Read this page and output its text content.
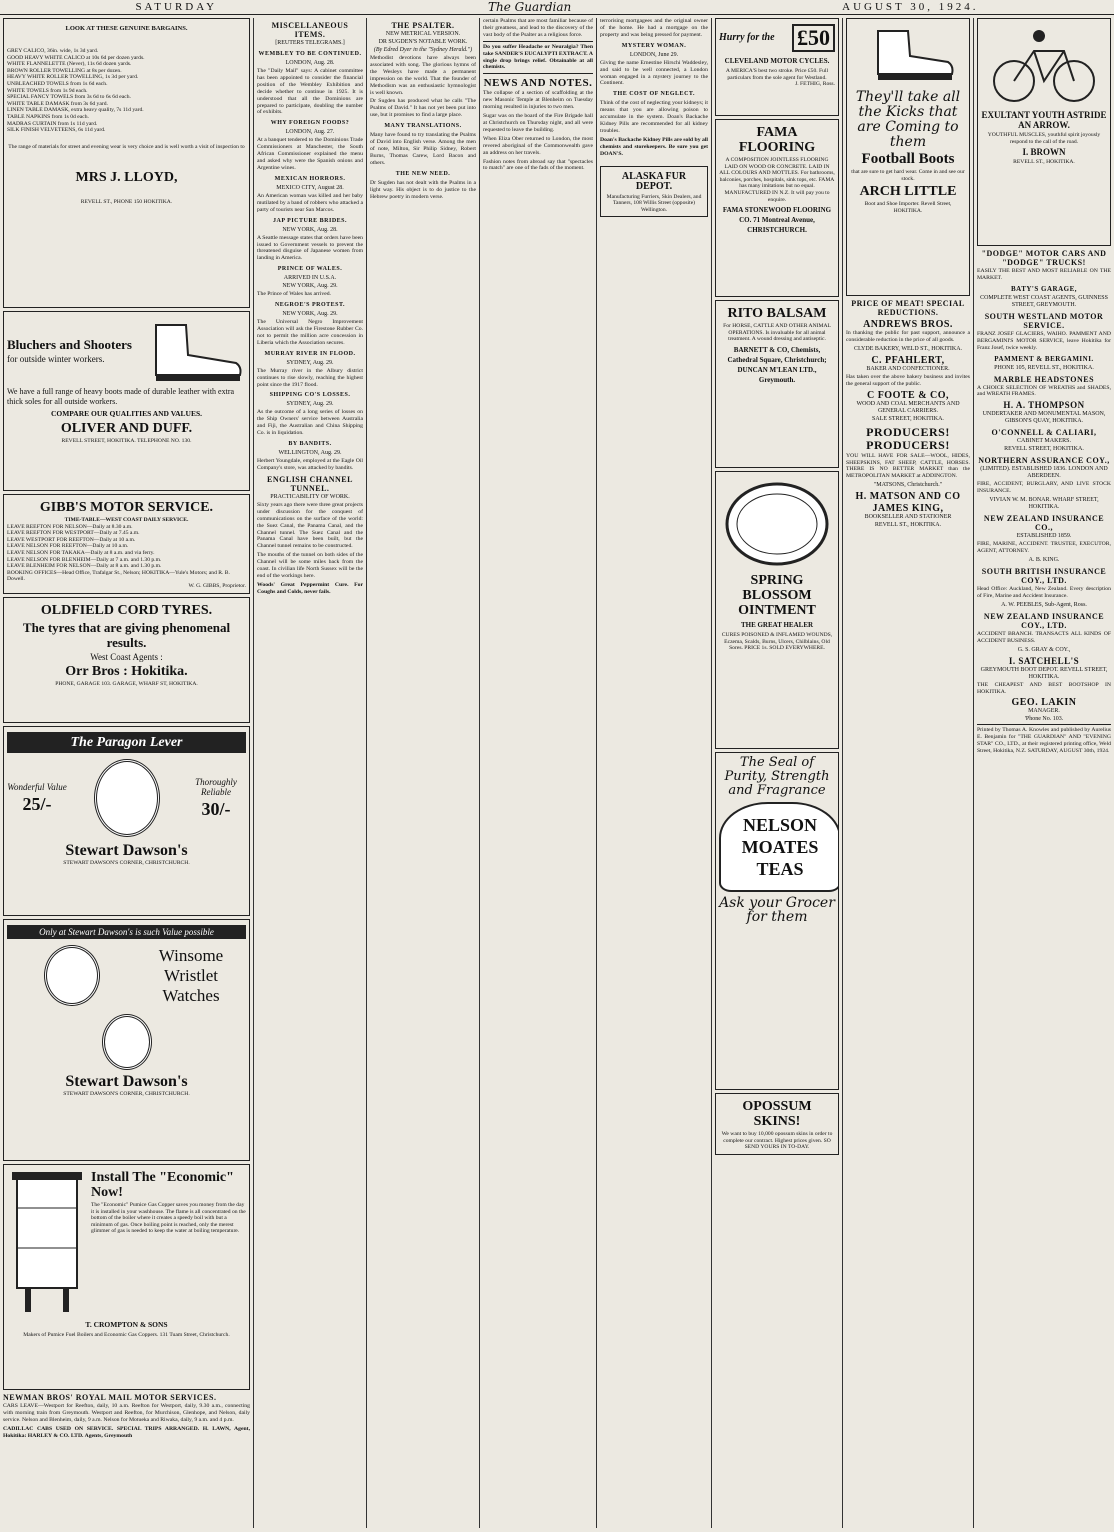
SATURDAY	The Guardian	AUGUST 30, 1924.
LOOK AT THESE GENUINE BARGAINS.
GREY CALICO, 36in. wide, 1s 3d yard.
GOOD HEAVY WHITE CALICO at 10s 6d per dozen yards.
WHITE FLANNELETTE (Never), 11s 6d dozen yards.
BROWN ROLLER TOWELLING at 8s per dozen.
HEAVY WHITE ROLLER TOWELLING, 1s 3d per yard.
UNBLEACHED TOWELS from 1s 6d each.
WHITE TOWELS from 1s 9d each.
SPECIAL FANCY TOWELS from 3s 6d to 6s 6d each.
WHITE TABLE DAMASK from 3s 6d yard.
LINEN TABLE DAMASK, extra heavy quality, 7s 11d yard.
TABLE NAPKINS from 1s 0d each.
MADRAS CURTAIN from 1s 11d yard.
SILK FINISH VELVETEENS, 6s 11d yard.
The range of materials for street and evening wear is very choice and is well worth a visit of inspection to
MRS J. LLOYD,
REVELL ST., PHONE 150 HOKITIKA.
Bluchers and Shooters
for outside winter workers.
We have a full range of heavy boots made of durable leather with extra thick soles for all outside workers.
COMPARE OUR QUALITIES AND VALUES.
OLIVER AND DUFF.
REVELL STREET, HOKITIKA. TELEPHONE NO. 130.
GIBB'S MOTOR SERVICE.
TIME-TABLE—WEST COAST DAILY SERVICE.
LEAVE REEFTON FOR NELSON—Daily at 8.30 a.m.
LEAVE REEFTON FOR WESTPORT—Daily at 7.45 a.m.
LEAVE WESTPORT FOR REEFTON—Daily at 10 a.m.
LEAVE NELSON FOR REEFTON—Daily at 10 a.m.
LEAVE NELSON FOR TAKAKA—Daily at 8 a.m. and via ferry.
LEAVE NELSON FOR BLENHEIM—Daily at 7 a.m. and 1.30 p.m.
LEAVE BLENHEIM FOR NELSON—Daily at 8 a.m. and 1.30 p.m.
BOOKING OFFICES—Head Office, Trafalgar St., Nelson; HOKITIKA—Yule's Motors; and R. B. Dowell.
W. G. GIBBS, Proprietor.
OLDFIELD CORD TYRES.
The tyres that are giving phenomenal results.
West Coast Agents :
Orr Bros : Hokitika.
PHONE, GARAGE 103. GARAGE, WHARF ST, HOKITIKA.
The Paragon Lever
Wonderful Value
25/-
Thoroughly Reliable
30/-
Stewart Dawson's
STEWART DAWSON'S CORNER, CHRISTCHURCH.
Only at Stewart Dawson's is such Value possible
Winsome Wristlet Watches
Stewart Dawson's
STEWART DAWSON'S CORNER, CHRISTCHURCH.
Install The "Economic" Now!
The "Economic" Pumice Gas Copper saves you money from the day it is installed in your washhouse. The flame is all concentrated on the bottom of the boiler where it creates a speedy boil with but a minimum of gas. Once boiling point is reached, only the merest glimmer of gas is needed to keep the water at boiling temperature.
T. CROMPTON & SONS
Makers of Pumice Fuel Boilers and Economic Gas Coppers. 131 Tuam Street, Christchurch.
NEWMAN BROS' ROYAL MAIL MOTOR SERVICES.
CARS LEAVE—Westport for Reefton, daily, 10 a.m. Reefton for Westport, daily, 9.30 a.m., connecting with morning train from Greymouth. Westport and Reefton, for Murchison, Glenhope, and Nelson, daily service. Nelson and Blenheim, daily, 9 a.m. Nelson for Motueka and Riwaka, daily, 9 a.m. and 4 p.m.
CADILLAC CABS USED ON SERVICE. SPECIAL TRIPS ARRANGED. H. LAWN, Agent, Hokitika: HARLEY & CO. LTD. Agents, Greymouth
MISCELLANEOUS ITEMS.
[REUTERS TELEGRAMS.]
WEMBLEY TO BE CONTINUED.
LONDON, Aug. 28.
The "Daily Mail" says: A cabinet committee has been appointed to consider the financial position of the Wembley Exhibition and decide whether to continue in 1925. It is understood that all the Dominions are prepared to participate, doubling the number of exhibits.
WHY FOREIGN FOODS?
LONDON, Aug. 27.
At a banquet tendered to the Dominions Trade Commissioners at Manchester, the South African Commissioner explained the menu and asked why were the Spanish onions and Argentine wines.
MEXICAN HORRORS.
MEXICO CITY, August 28.
An American woman was killed and her baby mutilated by a band of robbers who attacked a party of tourists near San Marcos.
JAP PICTURE BRIDES.
NEW YORK, Aug. 28.
A Seattle message states that orders have been issued to Government vessels to prevent the threatened disguise of Japanese women from landing in America.
PRINCE OF WALES.
ARRIVED IN U.S.A.
NEW YORK, Aug. 29.
The Prince of Wales has arrived.
NEGROE'S PROTEST.
NEW YORK, Aug. 29.
The Universal Negro Improvement Association will ask the Firestone Rubber Co. not to permit the million acre concession in Liberia which the Association secures.
MURRAY RIVER IN FLOOD.
SYDNEY, Aug. 29.
The Murray river in the Albury district continues to rise slowly, reaching the highest point since the 1917 flood.
SHIPPING CO'S LOSSES.
SYDNEY, Aug. 29.
As the outcome of a long series of losses on the Ship Owners' service between Australia and Fiji, the Australian and China Shipping Co. is in liquidation.
BY BANDITS.
WELLINGTON, Aug. 29.
Herbert Youngdale, employed at the Eagle Oil Company's store, was attacked by bandits.
ENGLISH CHANNEL TUNNEL.
PRACTICABILITY OF WORK.
Sixty years ago there were three great projects under discussion for the conquest of communications on the surface of the world: the Suez Canal, the Panama Canal, and the Channel tunnel. The Suez Canal and the Panama Canal have been built, but the Channel tunnel remains to be constructed.
The mouths of the tunnel on both sides of the Channel will be some miles back from the coast. In civilian life North Sussex will be the end of the workings here.
Woods' Great Peppermint Cure. For Coughs and Colds, never fails.
THE PSALTER.
NEW METRICAL VERSION.
DR SUGDEN'S NOTABLE WORK.
(By Edred Dyer in the "Sydney Herald.")
Methodist devotions have always been associated with song. The glorious hymns of the Wesleys have made a permanent impression on the world. That the founder of Methodism was an enthusiastic hymnologist is well known.
Dr Sugden has produced what he calls "The Psalms of David." It has not yet been put into use, but it promises to find a large place.
MANY TRANSLATIONS.
Many have found to try translating the Psalms of David into English verse. Among the men of note, Milton, Sir Philip Sidney, Robert Burns, Thomas Carew, Lord Bacon and others.
THE NEW NEED.
Dr Sugden has not dealt with the Psalms in a light way. His object is to do justice to the Hebrew poetry in modern verse.
certain Psalms that are most familiar because of their greatness, and lead to the discovery of the vast body of the Psalter as a religious force.
Do you suffer Headache or Neuralgia? Then take SANDER'S EUCALYPTI EXTRACT. A single drop brings relief. Obtainable at all chemists.
NEWS AND NOTES.
The collapse of a section of scaffolding at the new Masonic Temple at Blenheim on Tuesday morning resulted in injuries to two men.
Sugar was on the board of the Fire Brigade hall at Christchurch on Thursday night, and all were requested to leave the building.
When Eliza Ober returned to London, the most revered aboriginal of the Commonwealth gave an address on her travels.
Fashion notes from abroad say that "spectacles to match" are one of the fads of the moment.
terrorising mortgagees and the original owner of the home. He had a mortgage on the property and was being pressed for payment.
MYSTERY WOMAN.
LONDON, June 29.
Giving the name Ernestine Hirschi Waddesley, and said to be well connected, a London woman engaged in a mystery journey to the Continent.
THE COST OF NEGLECT.
Think of the cost of neglecting your kidneys; it means that you are allowing poison to accumulate in the system. Doan's Backache Kidney Pills are recommended for all kidney troubles.
Doan's Backache Kidney Pills are sold by all chemists and storekeepers. Be sure you get DOAN'S.
ALASKA FUR DEPOT.
Manufacturing Furriers, Skin Dealers, and Tanners, 108 Willis Street (opposite) Wellington.
Hurry for the £50
CLEVELAND MOTOR CYCLES.
A MERICA'S best two stroke. Price £50. Full particulars from the sole agent for Westland.
J. FETHIG, Ross.
FAMA FLOORING
A COMPOSITION JOINTLESS FLOORING LAID ON WOOD OR CONCRETE. LAID IN ALL COLOURS AND MOTTLES. For bathrooms, balconies, porches, hospitals, sink tops, etc. FAMA has many imitations but no equal. MANUFACTURED IN N.Z. It will pay you to enquire.
FAMA STONEWOOD FLOORING CO. 71 Montreal Avenue, CHRISTCHURCH.
RITO BALSAM
For HORSE, CATTLE AND OTHER ANIMAL OPERATIONS. Is invaluable for all animal treatment. A wound dressing and antiseptic.
BARNETT & CO, Chemists, Cathedral Square, Christchurch; DUNCAN M'LEAN LTD., Greymouth.
SPRING BLOSSOM OINTMENT
THE GREAT HEALER
CURES POISONED & INFLAMED WOUNDS, Eczema, Scalds, Burns, Ulcers, Chilblains, Old Sores. PRICE 1s. SOLD EVERYWHERE.
The Seal of Purity, Strength and Fragrance
NELSON MOATES TEAS
Ask your Grocer for them
OPOSSUM SKINS!
We want to buy 10,000 opossum skins in order to complete our contract. Highest prices given. SO SEND YOURS IN TO-DAY.
They'll take all the Kicks that are Coming to them
Football Boots
that are sure to get hard wear. Come in and see our stock.
ARCH LITTLE
Boot and Shoe Importer. Revell Street, HOKITIKA.
PRICE OF MEAT! SPECIAL REDUCTIONS.
ANDREWS BROS.
In thanking the public for past support, announce a considerable reduction in the price of all goods.
CLYDE BAKERY, WELD ST., HOKITIKA.
C. PFAHLERT,
BAKER AND CONFECTIONER.
Has taken over the above bakery business and invites the general support of the public.
C FOOTE & CO,
WOOD AND COAL MERCHANTS AND GENERAL CARRIERS.
SALE STREET, HOKITIKA.
PRODUCERS! PRODUCERS!
YOU WILL HAVE FOR SALE—WOOL, HIDES, SHEEPSKINS, FAT SHEEP, CATTLE, HORSES. THERE IS NO BETTER MARKET than the METROPOLITAN MARKET at ADDINGTON.
"MATSONS, Christchurch."
H. MATSON AND CO
JAMES KING,
BOOKSELLER AND STATIONER
REVELL ST., HOKITIKA.
EXULTANT YOUTH ASTRIDE AN ARROW.
YOUTHFUL MUSCLES, youthful spirit joyously respond to the call of the road.
I. BROWN
REVELL ST., HOKITIKA.
"DODGE" MOTOR CARS AND "DODGE" TRUCKS!
EASILY THE BEST AND MOST RELIABLE ON THE MARKET.
BATY'S GARAGE,
COMPLETE WEST COAST AGENTS, GUINNESS STREET, GREYMOUTH.
SOUTH WESTLAND MOTOR SERVICE.
FRANZ JOSEF GLACIERS, WAIHO. PAMMENT AND BERGAMINI'S MOTOR SERVICE, leave Hokitika for Franz Josef, twice weekly.
PAMMENT & BERGAMINI.
PHONE 105, REVELL ST., HOKITIKA.
MARBLE HEADSTONES
A CHOICE SELECTION OF WREATHS and SHADES, and WREATH FRAMES.
H. A. THOMPSON
UNDERTAKER AND MONUMENTAL MASON, GIBSON'S QUAY, HOKITIKA.
O'CONNELL & CALIARI,
CABINET MAKERS.
REVELL STREET, HOKITIKA.
NORTHERN ASSURANCE COY.,
(LIMITED). ESTABLISHED 1836. LONDON AND ABERDEEN.
FIRE, ACCIDENT, BURGLARY, AND LIVE STOCK INSURANCE.
VIVIAN W. M. BONAR. WHARF STREET, HOKITIKA.
NEW ZEALAND INSURANCE CO.,
ESTABLISHED 1859.
FIRE, MARINE, ACCIDENT. TRUSTEE, EXECUTOR, AGENT, ATTORNEY.
A. B. KING.
SOUTH BRITISH INSURANCE COY., LTD.
Head Office: Auckland, New Zealand. Every description of Fire, Marine and Accident Insurance.
A. W. PEEBLES, Sub-Agent, Ross.
NEW ZEALAND INSURANCE COY., LTD.
ACCIDENT BRANCH. TRANSACTS ALL KINDS OF ACCIDENT BUSINESS.
G. S. GRAY & COY.,
I. SATCHELL'S
GREYMOUTH BOOT DEPOT. REVELL STREET, HOKITIKA.
THE CHEAPEST AND BEST BOOTSHOP IN HOKITIKA.
GEO. LAKIN
MANAGER.
'Phone No. 103.
Printed by Thomas A. Knowles and published by Aurelius E. Benjamin for "THE GUARDIAN" AND "EVENING STAR" CO., LTD., at their registered printing office, Weld Street, Hokitika, N.Z. SATURDAY, AUGUST 30th, 1924.
